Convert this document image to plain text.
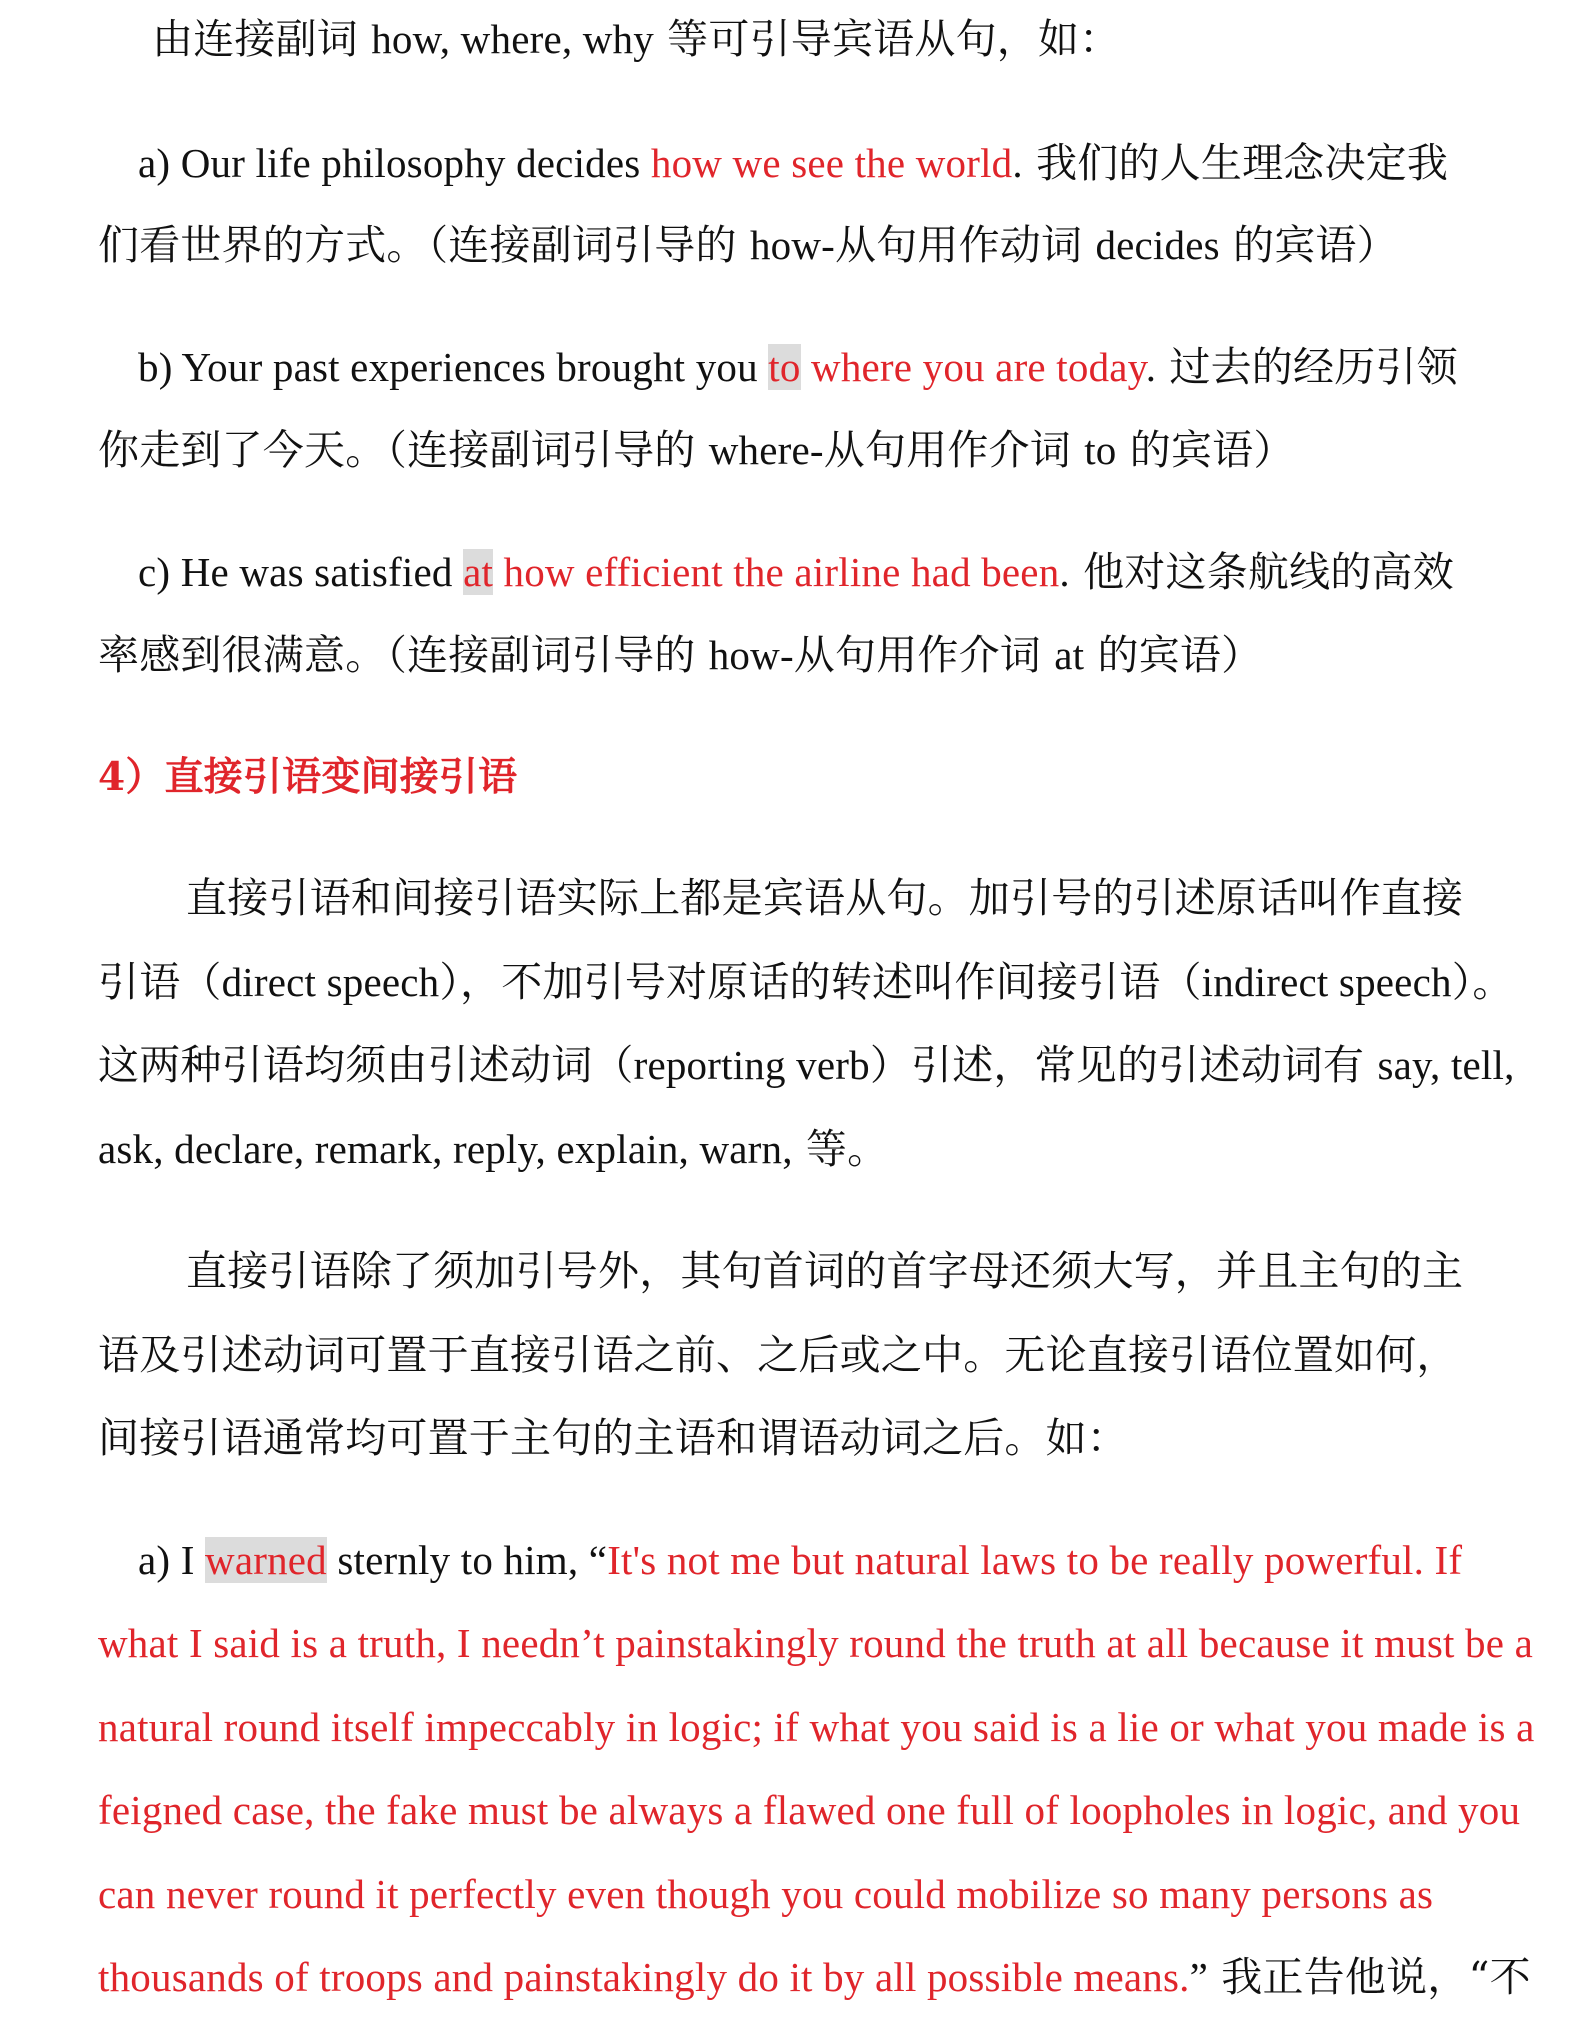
由连接副词 how, where, why 等可引导宾语从句，如：
a) Our life philosophy decides how we see the world. 我们的人生理念决定我
们看世界的方式。（连接副词引导的 how-从句用作动词 decides 的宾语）
b) Your past experiences brought you to where you are today. 过去的经历引领
你走到了今天。（连接副词引导的 where-从句用作介词 to 的宾语）
c) He was satisfied at how efficient the airline had been. 他对这条航线的高效
率感到很满意。（连接副词引导的 how-从句用作介词 at 的宾语）
4）直接引语变间接引语
直接引语和间接引语实际上都是宾语从句。加引号的引述原话叫作直接
引语（direct speech），不加引号对原话的转述叫作间接引语（indirect speech）。
这两种引语均须由引述动词（reporting verb）引述，常见的引述动词有 say, tell,
ask, declare, remark, reply, explain, warn, 等。
直接引语除了须加引号外，其句首词的首字母还须大写，并且主句的主
语及引述动词可置于直接引语之前、之后或之中。无论直接引语位置如何，
间接引语通常均可置于主句的主语和谓语动词之后。如：
a) I warned sternly to him, “It's not me but natural laws to be really powerful. If
what I said is a truth, I needn’t painstakingly round the truth at all because it must be a
natural round itself impeccably in logic; if what you said is a lie or what you made is a
feigned case, the fake must be always a flawed one full of loopholes in logic, and you
can never round it perfectly even though you could mobilize so many persons as
thousands of troops and painstakingly do it by all possible means.” 我正告他说，“不
